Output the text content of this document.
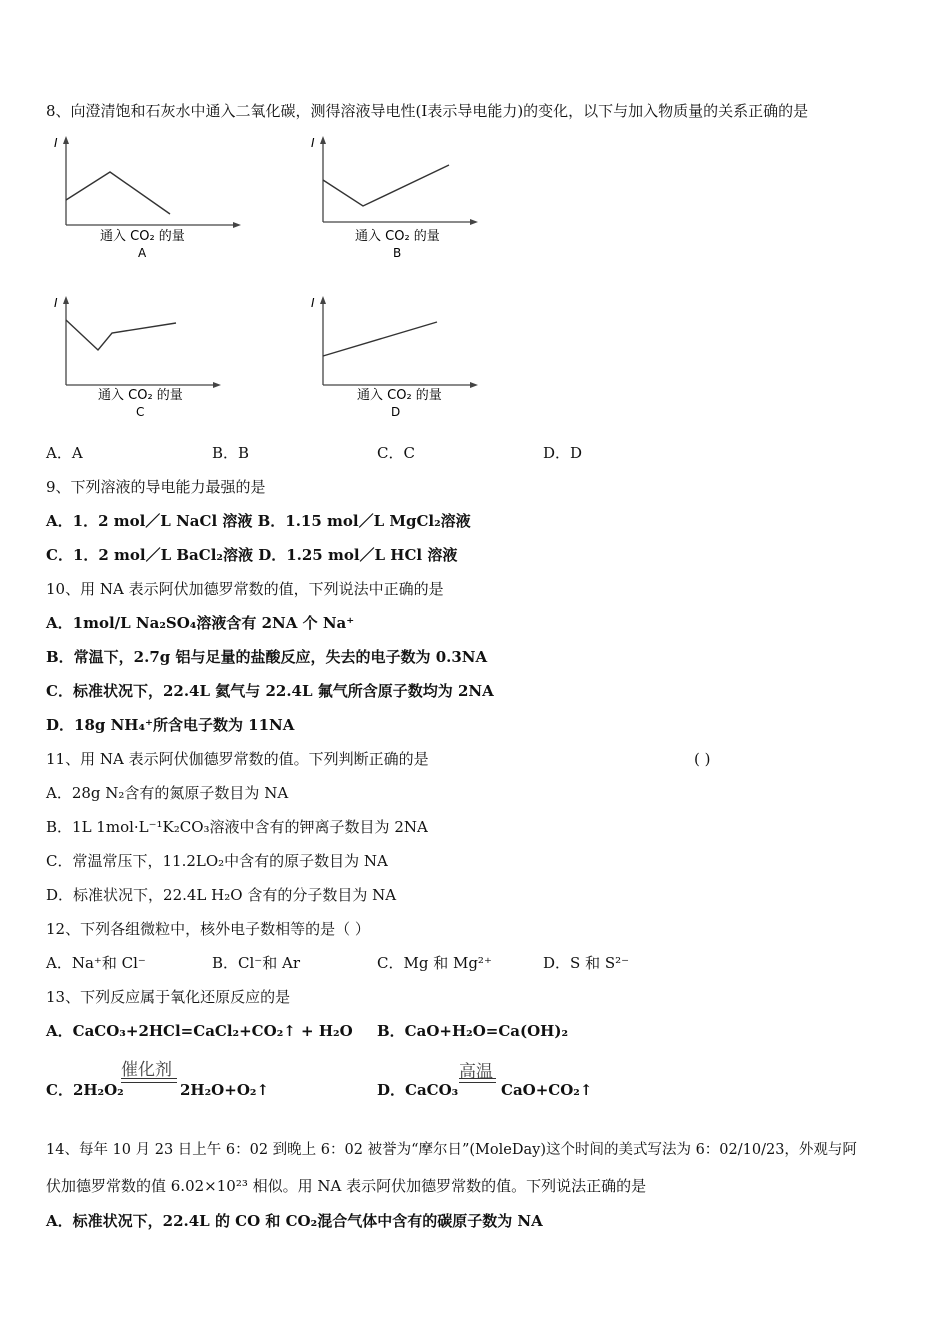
8、向澄清饱和石灰水中通入二氧化碳，测得溶液导电性(I表示导电能力)的变化，以下与加入物质量的关系正确的是
I
通入 CO₂ 的量
A
I
通入 CO₂ 的量
B
I
通入 CO₂ 的量
C
I
通入 CO₂ 的量
D
A．A	B．B	C．C	D．D
9、下列溶液的导电能力最强的是
A．1．2 mol／L NaCl 溶液 B．1.15 mol／L MgCl₂溶液
C．1．2 mol／L BaCl₂溶液 D．1.25 mol／L HCl 溶液
10、用 NA 表示阿伏加德罗常数的值，下列说法中正确的是
A．1mol/L Na₂SO₄溶液含有 2NA 个 Na⁺
B．常温下，2.7g 铝与足量的盐酸反应，失去的电子数为 0.3NA
C．标准状况下，22.4L 氦气与 22.4L 氟气所含原子数均为 2NA
D．18g NH₄⁺所含电子数为 11NA
11、用 NA 表示阿伏伽德罗常数的值。下列判断正确的是	( )
A．28g N₂含有的氮原子数目为 NA
B．1L 1mol·L⁻¹K₂CO₃溶液中含有的钾离子数目为 2NA
C．常温常压下，11.2LO₂中含有的原子数目为 NA
D．标准状况下，22.4L H₂O 含有的分子数目为 NA
12、下列各组微粒中，核外电子数相等的是（ ）
A．Na⁺和 Cl⁻	B．Cl⁻和 Ar	C．Mg 和 Mg²⁺	D．S 和 S²⁻
13、下列反应属于氧化还原反应的是
A．CaCO₃+2HCl=CaCl₂+CO₂↑ + H₂O B．CaO+H₂O=Ca(OH)₂
C．2H₂O₂
催化剂
2H₂O+O₂↑	D．CaCO₃
高温
CaO+CO₂↑
14、每年 10 月 23 日上午 6：02 到晚上 6：02 被誉为“摩尔日”(MoleDay)这个时间的美式写法为 6：02/10/23，外观与阿
伏加德罗常数的值 6.02×10²³ 相似。用 NA 表示阿伏加德罗常数的值。下列说法正确的是
A．标准状况下，22.4L 的 CO 和 CO₂混合气体中含有的碳原子数为 NA
